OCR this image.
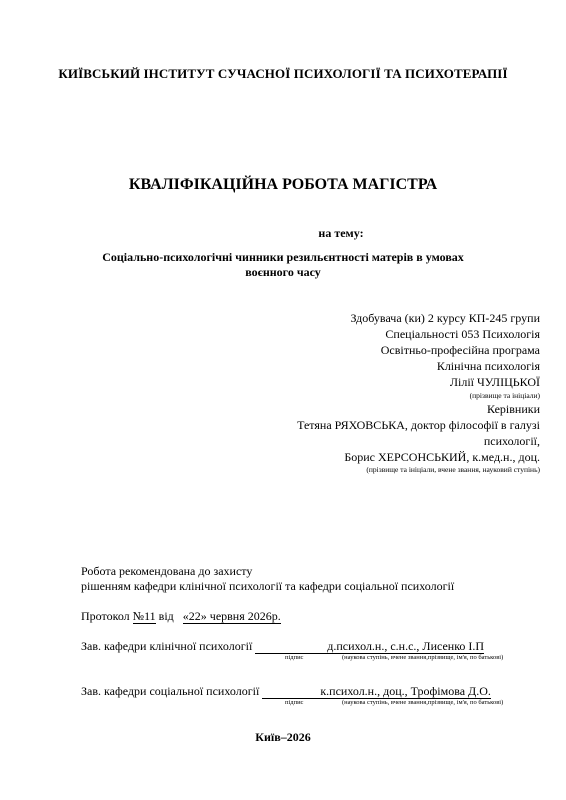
КИЇВСЬКИЙ ІНСТИТУТ СУЧАСНОЇ ПСИХОЛОГІЇ ТА ПСИХОТЕРАПІЇ
КВАЛІФІКАЦІЙНА РОБОТА МАГІСТРА
на тему:
Соціально-психологічні чинники резильєнтності матерів в умовах
воєнного часу
Здобувача (ки) 2 курсу КП-245 групи
Спеціальності 053 Психологія
Освітньо-професійна програма
Клінічна психологія
Лілії ЧУЛІЦЬКОЇ
(прізвище та ініціали)
Керівники
Тетяна РЯХОВСЬКА, доктор філософії в галузі
психології,
Борис ХЕРСОНСЬКИЙ, к.мед.н., доц.
(прізвище та ініціали, вчене звання, науковий ступінь)
Робота рекомендована до захисту
рішенням кафедри клінічної психології та кафедри соціальної психології
Протокол №11 від   «22» червня 2026р.
Зав. кафедри клінічної психології	д.психол.н., с.н.с., Лисенко І.П
підпис	(наукова ступінь, вчене звання,прізвище, ім'я, по батькові)
Зав. кафедри соціальної психології	к.психол.н., доц., Трофімова Д.О.
підпис	(наукова ступінь, вчене звання,прізвище, ім'я, по батькові)
Київ–2026
